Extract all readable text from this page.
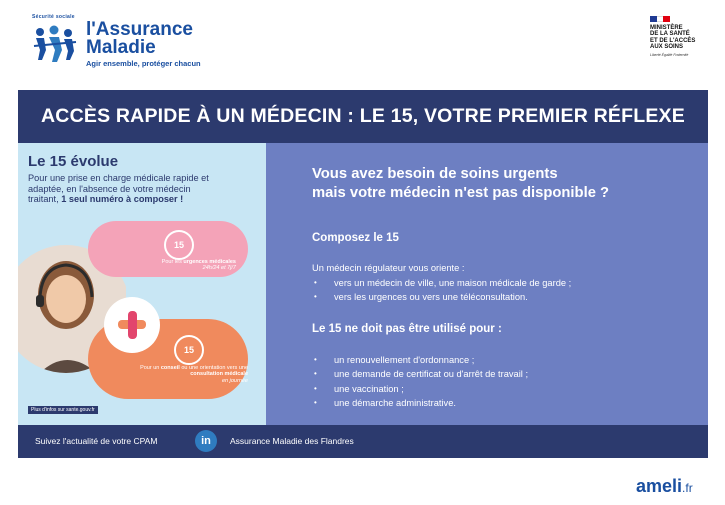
Sécurité sociale
l'Assurance
Maladie
Agir ensemble, protéger chacun
MINISTÈRE
DE LA SANTÉ
ET DE L'ACCÈS
AUX SOINS
Liberté Égalité Fraternité
ACCÈS RAPIDE À UN MÉDECIN : LE 15, VOTRE PREMIER RÉFLEXE
Le 15 évolue
Pour une prise en charge médicale rapide et adaptée, en l'absence de votre médecin traitant, 1 seul numéro à composer !
15
15
Pour les urgences médicales
24h/24 et 7j/7
Pour un conseil ou une orientation vers une consultation médicale
en journée
Plus d'infos sur sante.gouv.fr
Vous avez besoin de soins urgents
mais votre médecin n'est pas disponible ?
Composez le 15
Un médecin régulateur vous oriente :
• vers un médecin de ville, une maison médicale de garde ;
• vers les urgences ou vers une téléconsultation.
Le 15 ne doit pas être utilisé pour :
• un renouvellement d'ordonnance ;
• une demande de certificat ou d'arrêt de travail ;
• une vaccination ;
• une démarche administrative.
Suivez l'actualité de votre CPAM	in Assurance Maladie des Flandres
ameli.fr
